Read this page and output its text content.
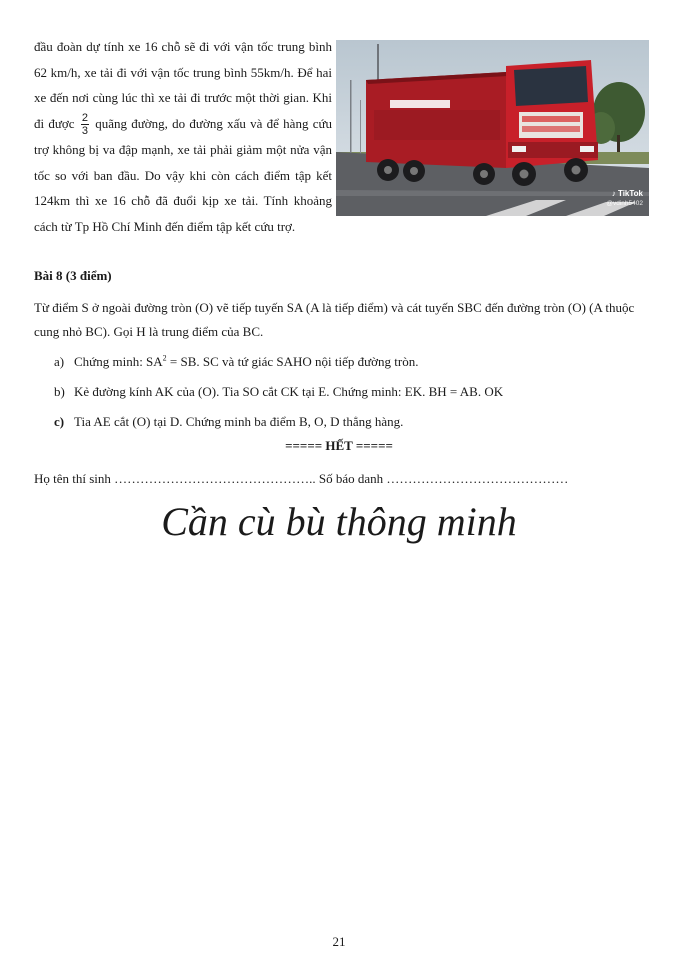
đầu đoàn dự tính xe 16 chỗ sẽ đi với vận tốc trung bình 62 km/h, xe tải đi với vận tốc trung bình 55km/h. Để hai xe đến nơi cùng lúc thì xe tải đi trước một thời gian. Khi đi được $\frac{2}{3}$ quãng đường, do đường xấu và để hàng cứu trợ không bị va đập mạnh, xe tải phải giảm một nửa vận tốc so với ban đầu. Do vậy khi còn cách điểm tập kết 124km thì xe 16 chỗ đã đuổi kịp xe tải. Tính khoảng cách từ Tp Hồ Chí Minh đến điểm tập kết cứu trợ.

♪ TikTok
@vdinh5402
Bài 8 (3 điểm)

Từ điểm S ở ngoài đường tròn (O) vẽ tiếp tuyến SA (A là tiếp điểm) và cát tuyến SBC đến đường tròn (O) (A thuộc cung nhỏ BC). Gọi H là trung điểm của BC.

a) Chứng minh: $SA^2$ = SB. SC và tứ giác SAHO nội tiếp đường tròn.
b) Kẻ đường kính AK của (O). Tia SO cắt CK tại E. Chứng minh: EK. BH = AB. OK
c) Tia AE cắt (O) tại D. Chứng minh ba điểm B, O, D thẳng hàng.
===== HẾT =====
Họ tên thí sinh ……………………………………….. Số báo danh ……………………………………
Cần cù bù thông minh
21
